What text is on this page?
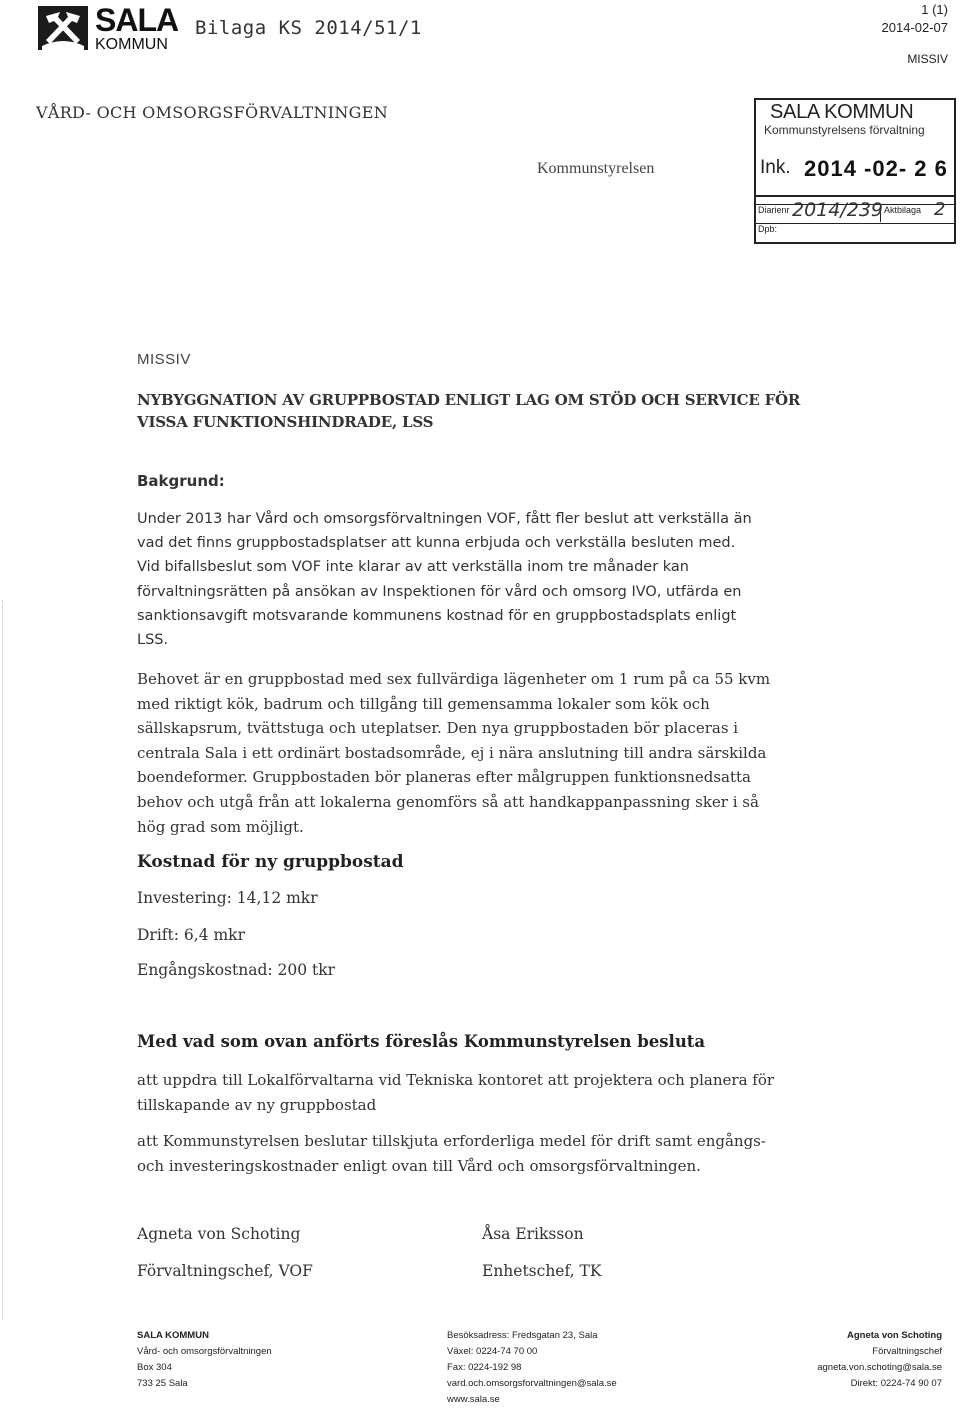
SALA
KOMMUN
Bilaga KS 2014/51/1
1 (1)
2014-02-07
MISSIV
VÅRD- OCH OMSORGSFÖRVALTNINGEN
Kommunstyrelsen
SALA KOMMUN
Kommunstyrelsens förvaltning
Ink. 2014 -02- 2 6
Diarienr 2014/239 Aktbilaga 2
Dpb:
MISSIV
NYBYGGNATION AV GRUPPBOSTAD ENLIGT LAG OM STÖD OCH SERVICE FÖR
VISSA FUNKTIONSHINDRADE, LSS
Bakgrund:

Under 2013 har Vård och omsorgsförvaltningen VOF, fått fler beslut att verkställa än

vad det finns gruppbostadsplatser att kunna erbjuda och verkställa besluten med.

Vid bifallsbeslut som VOF inte klarar av att verkställa inom tre månader kan

förvaltningsrätten på ansökan av Inspektionen för vård och omsorg IVO, utfärda en

sanktionsavgift motsvarande kommunens kostnad för en gruppbostadsplats enligt

LSS.

Behovet är en gruppbostad med sex fullvärdiga lägenheter om 1 rum på ca 55 kvm

med riktigt kök, badrum och tillgång till gemensamma lokaler som kök och

sällskapsrum, tvättstuga och uteplatser. Den nya gruppbostaden bör placeras i

centrala Sala i ett ordinärt bostadsområde, ej i nära anslutning till andra särskilda

boendeformer. Gruppbostaden bör planeras efter målgruppen funktionsnedsatta

behov och utgå från att lokalerna genomförs så att handkappanpassning sker i så

hög grad som möjligt.

Kostnad för ny gruppbostad
Investering: 14,12 mkr
Drift: 6,4 mkr
Engångskostnad: 200 tkr
Med vad som ovan anförts föreslås Kommunstyrelsen besluta

att uppdra till Lokalförvaltarna vid Tekniska kontoret att projektera och planera för

tillskapande av ny gruppbostad

att Kommunstyrelsen beslutar tillskjuta erforderliga medel för drift samt engångs-

och investeringskostnader enligt ovan till Vård och omsorgsförvaltningen.

Agneta von Schoting
Förvaltningschef, VOF
Åsa Eriksson
Enhetschef, TK
SALA KOMMUN
Vård- och omsorgsförvaltningen
Box 304
733 25 Sala
Besöksadress: Fredsgatan 23, Sala
Växel: 0224-74 70 00
Fax: 0224-192 98
vard.och.omsorgsforvaltningen@sala.se
www.sala.se
Agneta von Schoting
Förvaltningschef
agneta.von.schoting@sala.se
Direkt: 0224-74 90 07
